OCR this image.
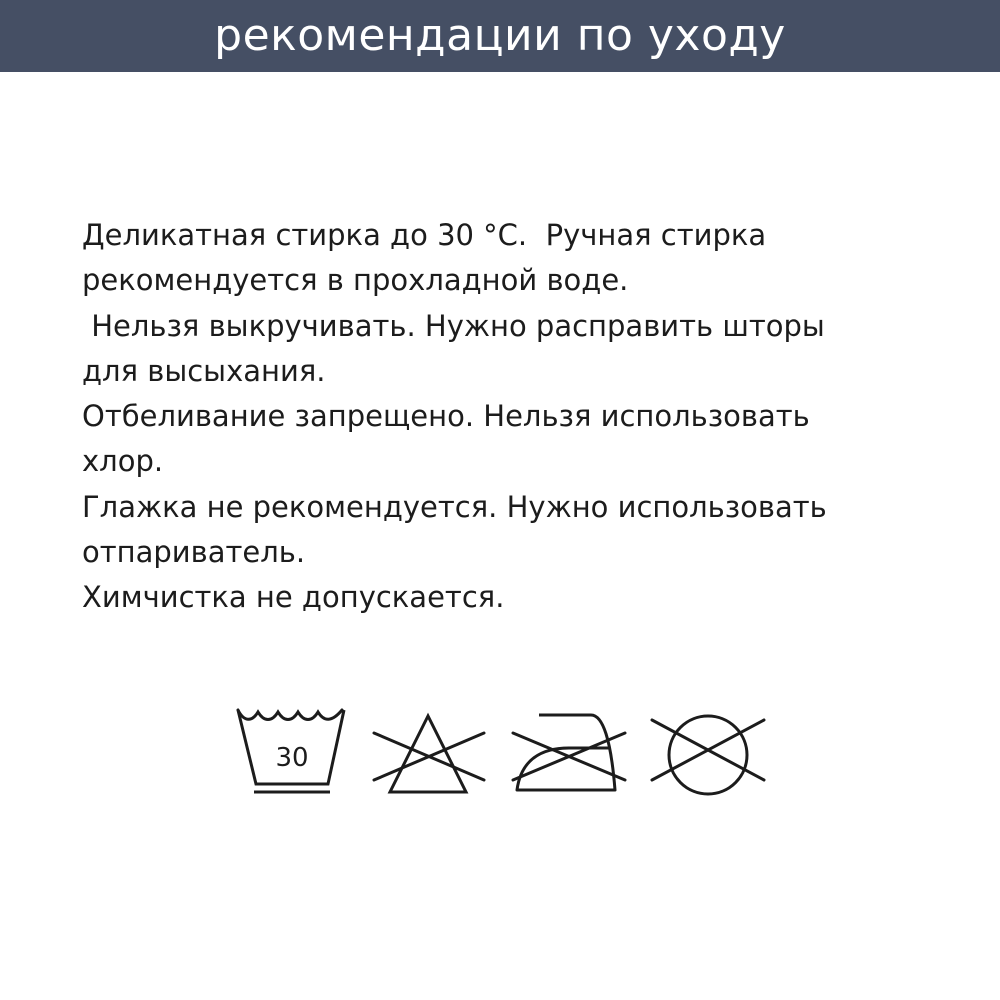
рекомендации по уходу
Деликатная стирка до 30 °С.  Ручная стирка
рекомендуется в прохладной воде.
Нельзя выкручивать. Нужно расправить шторы
для высыхания.
Отбеливание запрещено. Нельзя использовать
хлор.
Глажка не рекомендуется. Нужно использовать
отпариватель.
Химчистка не допускается.
30
